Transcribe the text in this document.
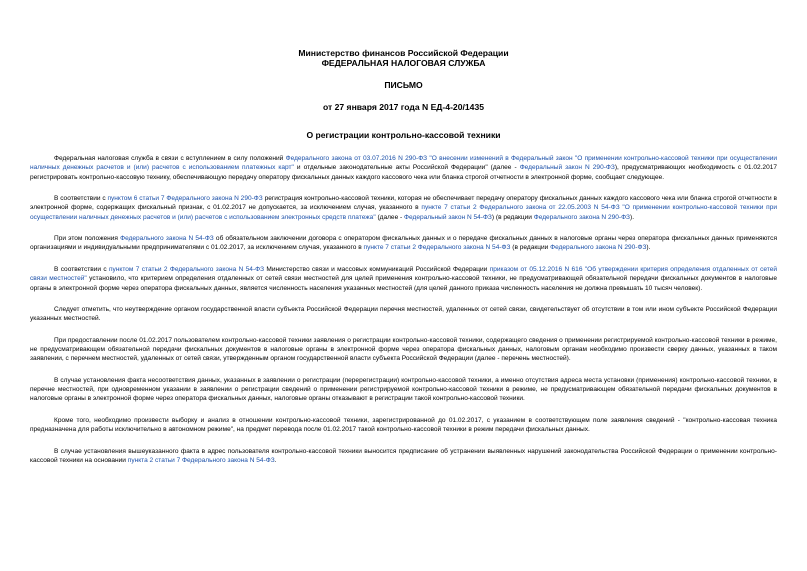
Министерство финансов Российской Федерации
ФЕДЕРАЛЬНАЯ НАЛОГОВАЯ СЛУЖБА
ПИСЬМО
от 27 января 2017 года N ЕД-4-20/1435
О регистрации контрольно-кассовой техники

Федеральная налоговая служба в связи с вступлением в силу положений Федерального закона от 03.07.2016 N 290-ФЗ "О внесении изменений в Федеральный закон "О применении контрольно-кассовой техники при осуществлении наличных денежных расчетов и (или) расчетов с использованием платежных карт" и отдельные законодательные акты Российской Федерации" (далее - Федеральный закон N 290-ФЗ), предусматривающих необходимость с 01.02.2017 регистрировать контрольно-кассовую технику, обеспечивающую передачу оператору фискальных данных каждого кассового чека или бланка строгой отчетности в электронной форме, сообщает следующее.

В соответствии с пунктом 6 статьи 7 Федерального закона N 290-ФЗ регистрация контрольно-кассовой техники, которая не обеспечивает передачу оператору фискальных данных каждого кассового чека или бланка строгой отчетности в электронной форме, содержащих фискальный признак, с 01.02.2017 не допускается, за исключением случая, указанного в пункте 7 статьи 2 Федерального закона от 22.05.2003 N 54-ФЗ "О применении контрольно-кассовой техники при осуществлении наличных денежных расчетов и (или) расчетов с использованием электронных средств платежа" (далее - Федеральный закон N 54-ФЗ) (в редакции Федерального закона N 290-ФЗ).

При этом положения Федерального закона N 54-ФЗ об обязательном заключении договора с оператором фискальных данных и о передаче фискальных данных в налоговые органы через оператора фискальных данных применяются организациями и индивидуальными предпринимателями с 01.02.2017, за исключением случая, указанного в пункте 7 статьи 2 Федерального закона N 54-ФЗ (в редакции Федерального закона N 290-ФЗ).

В соответствии с пунктом 7 статьи 2 Федерального закона N 54-ФЗ Министерство связи и массовых коммуникаций Российской Федерации приказом от 05.12.2016 N 616 "Об утверждении критерия определения отдаленных от сетей связи местностей" установило, что критерием определения отдаленных от сетей связи местностей для целей применения контрольно-кассовой техники, не предусматривающей обязательной передачи фискальных документов в налоговые органы в электронной форме через оператора фискальных данных, является численность населения указанных местностей (для целей данного приказа численность населения не должна превышать 10 тысяч человек).

Следует отметить, что неутверждение органом государственной власти субъекта Российской Федерации перечня местностей, удаленных от сетей связи, свидетельствует об отсутствии в том или ином субъекте Российской Федерации указанных местностей.

При предоставлении после 01.02.2017 пользователем контрольно-кассовой техники заявления о регистрации контрольно-кассовой техники, содержащего сведения о применении регистрируемой контрольно-кассовой техники в режиме, не предусматривающем обязательной передачи фискальных документов в налоговые органы в электронной форме через оператора фискальных данных, налоговым органам необходимо произвести сверку данных, указанных в таком заявлении, с перечнем местностей, удаленных от сетей связи, утвержденным органом государственной власти субъекта Российской Федерации (далее - перечень местностей).

В случае установления факта несоответствия данных, указанных в заявлении о регистрации (перерегистрации) контрольно-кассовой техники, а именно отсутствия адреса места установки (применения) контрольно-кассовой техники, в перечне местностей, при одновременном указании в заявлении о регистрации сведений о применении регистрируемой контрольно-кассовой техники в режиме, не предусматривающем обязательной передачи фискальных документов в налоговые органы в электронной форме через оператора фискальных данных, налоговые органы отказывают в регистрации такой контрольно-кассовой техники.

Кроме того, необходимо произвести выборку и анализ в отношении контрольно-кассовой техники, зарегистрированной до 01.02.2017, с указанием в соответствующем поле заявления сведений - "контрольно-кассовая техника предназначена для работы исключительно в автономном режиме", на предмет перевода после 01.02.2017 такой контрольно-кассовой техники в режим передачи фискальных данных.

В случае установления вышеуказанного факта в адрес пользователя контрольно-кассовой техники выносится предписание об устранении выявленных нарушений законодательства Российской Федерации о применении контрольно-кассовой техники на основании пункта 2 статьи 7 Федерального закона N 54-ФЗ.
